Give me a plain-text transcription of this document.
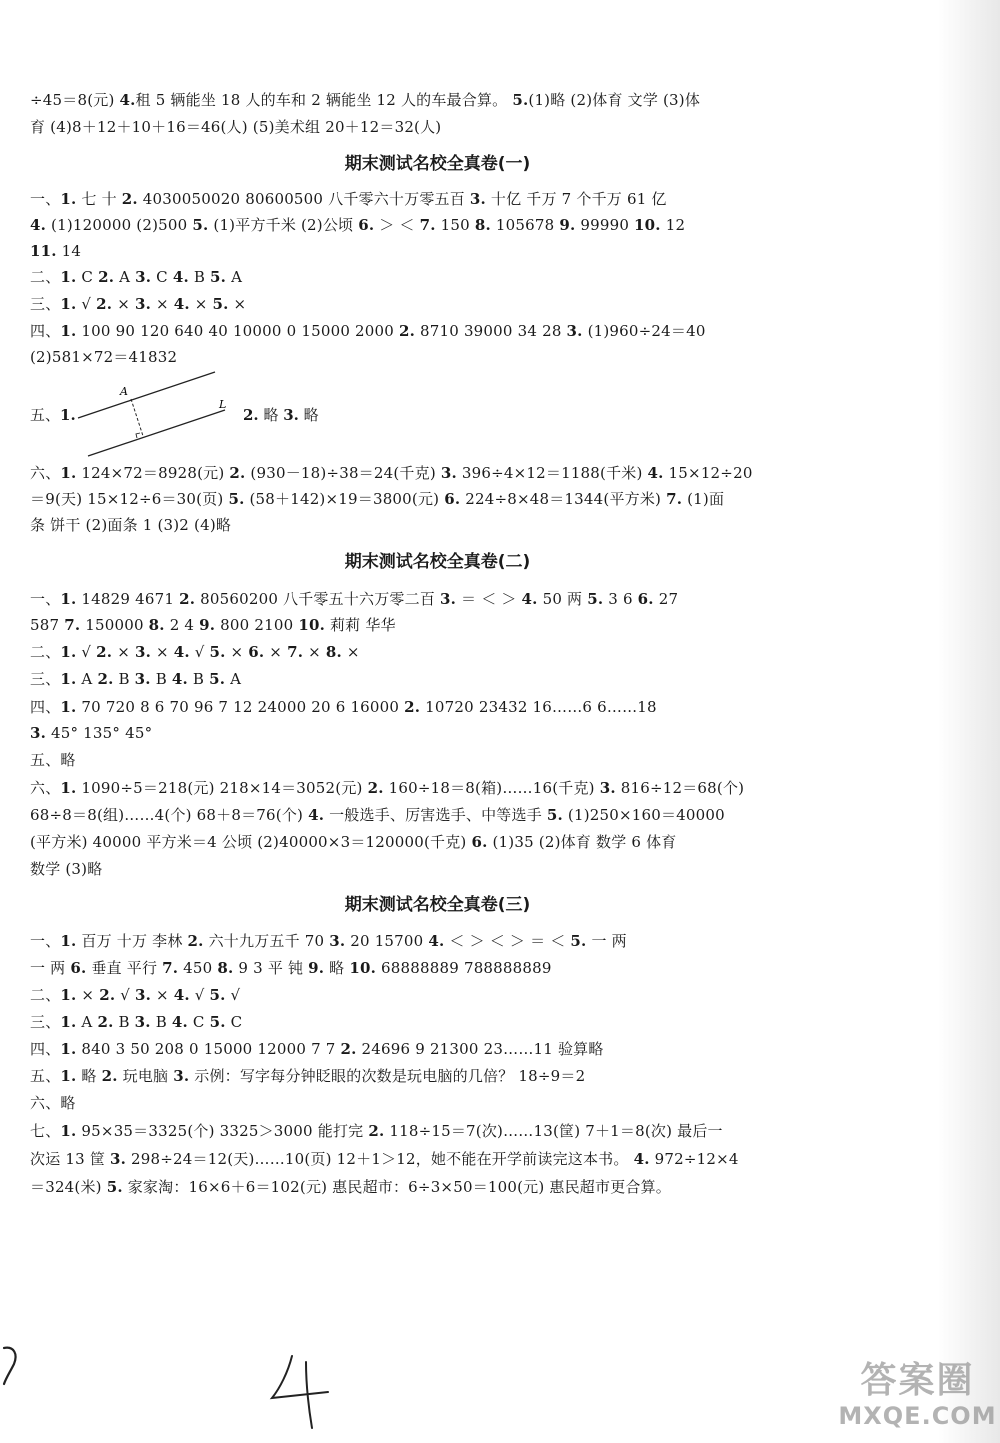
÷45＝8(元) 4.租 5 辆能坐 18 人的车和 2 辆能坐 12 人的车最合算。 5.(1)略 (2)体育 文学 (3)体
育 (4)8＋12＋10＋16＝46(人) (5)美术组 20＋12＝32(人)
期末测试名校全真卷(一)
一、1. 七 十 2. 4030050020 80600500 八千零六十万零五百 3. 十亿 千万 7 个千万 61 亿
4. (1)120000 (2)500 5. (1)平方千米 (2)公顷 6. ＞ ＜ 7. 150 8. 105678 9. 99990 10. 12
11. 14
二、1. C 2. A 3. C 4. B 5. A
三、1. √ 2. × 3. × 4. × 5. ×
四、1. 100 90 120 640 40 10000 0 15000 2000 2. 8710 39000 34 28 3. (1)960÷24＝40
(2)581×72＝41832
五、1.
A
L
2. 略 3. 略
六、1. 124×72＝8928(元) 2. (930－18)÷38＝24(千克) 3. 396÷4×12＝1188(千米) 4. 15×12÷20
＝9(天) 15×12÷6＝30(页) 5. (58＋142)×19＝3800(元) 6. 224÷8×48＝1344(平方米) 7. (1)面
条 饼干 (2)面条 1 (3)2 (4)略
期末测试名校全真卷(二)
一、1. 14829 4671 2. 80560200 八千零五十六万零二百 3. ＝ ＜ ＞ 4. 50 两 5. 3 6 6. 27
587 7. 150000 8. 2 4 9. 800 2100 10. 莉莉 华华
二、1. √ 2. × 3. × 4. √ 5. × 6. × 7. × 8. ×
三、1. A 2. B 3. B 4. B 5. A
四、1. 70 720 8 6 70 96 7 12 24000 20 6 16000 2. 10720 23432 16……6 6……18
3. 45° 135° 45°
五、略
六、1. 1090÷5＝218(元) 218×14＝3052(元) 2. 160÷18＝8(箱)……16(千克) 3. 816÷12＝68(个)
68÷8＝8(组)……4(个) 68＋8＝76(个) 4. 一般选手、厉害选手、中等选手 5. (1)250×160＝40000
(平方米) 40000 平方米＝4 公顷 (2)40000×3＝120000(千克) 6. (1)35 (2)体育 数学 6 体育
数学 (3)略
期末测试名校全真卷(三)
一、1. 百万 十万 李林 2. 六十九万五千 70 3. 20 15700 4. ＜ ＞ ＜ ＞ ＝ ＜ 5. 一 两
一 两 6. 垂直 平行 7. 450 8. 9 3 平 钝 9. 略 10. 68888889 788888889
二、1. × 2. √ 3. × 4. √ 5. √
三、1. A 2. B 3. B 4. C 5. C
四、1. 840 3 50 208 0 15000 12000 7 7 2. 24696 9 21300 23……11 验算略
五、1. 略 2. 玩电脑 3. 示例：写字每分钟眨眼的次数是玩电脑的几倍？ 18÷9＝2
六、略
七、1. 95×35＝3325(个) 3325＞3000 能打完 2. 118÷15＝7(次)……13(筐) 7＋1＝8(次) 最后一
次运 13 筐 3. 298÷24＝12(天)……10(页) 12＋1＞12，她不能在开学前读完这本书。 4. 972÷12×4
＝324(米) 5. 家家淘：16×6＋6＝102(元) 惠民超市：6÷3×50＝100(元) 惠民超市更合算。
4
答案圈
MXQE.COM
